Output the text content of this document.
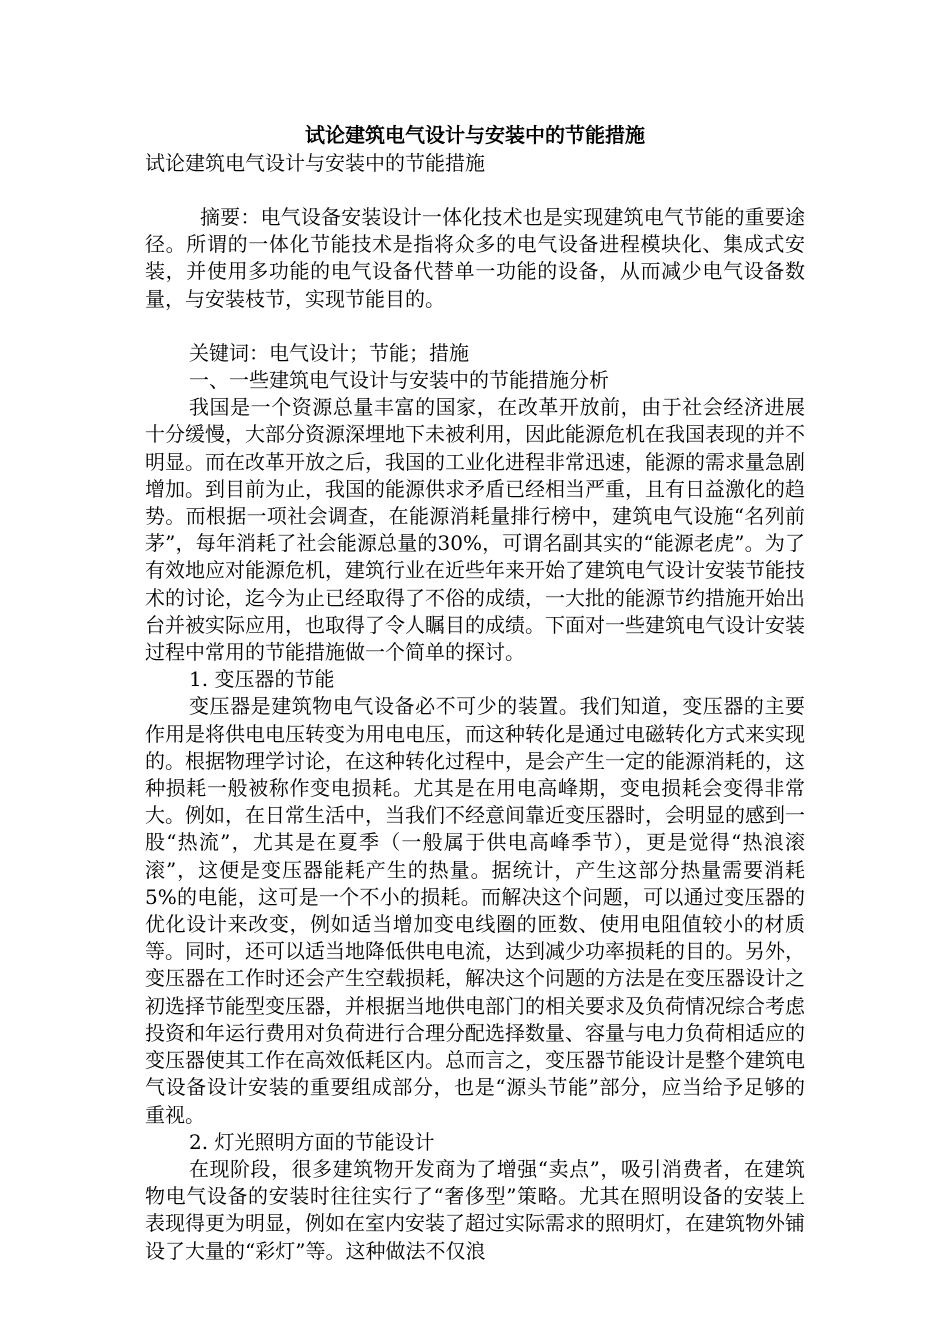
试论建筑电气设计与安装中的节能措施
试论建筑电气设计与安装中的节能措施

摘要：电气设备安装设计一体化技术也是实现建筑电气节能的重要途径。所谓的一体化节能技术是指将众多的电气设备进程模块化、集成式安装，并使用多功能的电气设备代替单一功能的设备，从而减少电气设备数量，与安装枝节，实现节能目的。

关键词：电气设计；节能；措施

一、一些建筑电气设计与安装中的节能措施分析

我国是一个资源总量丰富的国家，在改革开放前，由于社会经济进展十分缓慢，大部分资源深埋地下未被利用，因此能源危机在我国表现的并不明显。而在改革开放之后，我国的工业化进程非常迅速，能源的需求量急剧增加。到目前为止，我国的能源供求矛盾已经相当严重，且有日益激化的趋势。而根据一项社会调查，在能源消耗量排行榜中，建筑电气设施“名列前茅”，每年消耗了社会能源总量的30%，可谓名副其实的“能源老虎”。为了有效地应对能源危机，建筑行业在近些年来开始了建筑电气设计安装节能技术的讨论，迄今为止已经取得了不俗的成绩，一大批的能源节约措施开始出台并被实际应用，也取得了令人瞩目的成绩。下面对一些建筑电气设计安装过程中常用的节能措施做一个简单的探讨。

1. 变压器的节能

变压器是建筑物电气设备必不可少的装置。我们知道，变压器的主要作用是将供电电压转变为用电电压，而这种转化是通过电磁转化方式来实现的。根据物理学讨论，在这种转化过程中，是会产生一定的能源消耗的，这种损耗一般被称作变电损耗。尤其是在用电高峰期，变电损耗会变得非常大。例如，在日常生活中，当我们不经意间靠近变压器时，会明显的感到一股“热流”，尤其是在夏季（一般属于供电高峰季节），更是觉得“热浪滚滚”，这便是变压器能耗产生的热量。据统计，产生这部分热量需要消耗5%的电能，这可是一个不小的损耗。而解决这个问题，可以通过变压器的优化设计来改变，例如适当增加变电线圈的匝数、使用电阻值较小的材质等。同时，还可以适当地降低供电电流，达到减少功率损耗的目的。另外，变压器在工作时还会产生空载损耗，解决这个问题的方法是在变压器设计之初选择节能型变压器，并根据当地供电部门的相关要求及负荷情况综合考虑投资和年运行费用对负荷进行合理分配选择数量、容量与电力负荷相适应的变压器使其工作在高效低耗区内。总而言之，变压器节能设计是整个建筑电气设备设计安装的重要组成部分，也是“源头节能”部分，应当给予足够的重视。

2. 灯光照明方面的节能设计

在现阶段，很多建筑物开发商为了增强“卖点”，吸引消费者，在建筑物电气设备的安装时往往实行了“奢侈型”策略。尤其在照明设备的安装上表现得更为明显，例如在室内安装了超过实际需求的照明灯，在建筑物外铺设了大量的“彩灯”等。这种做法不仅浪
